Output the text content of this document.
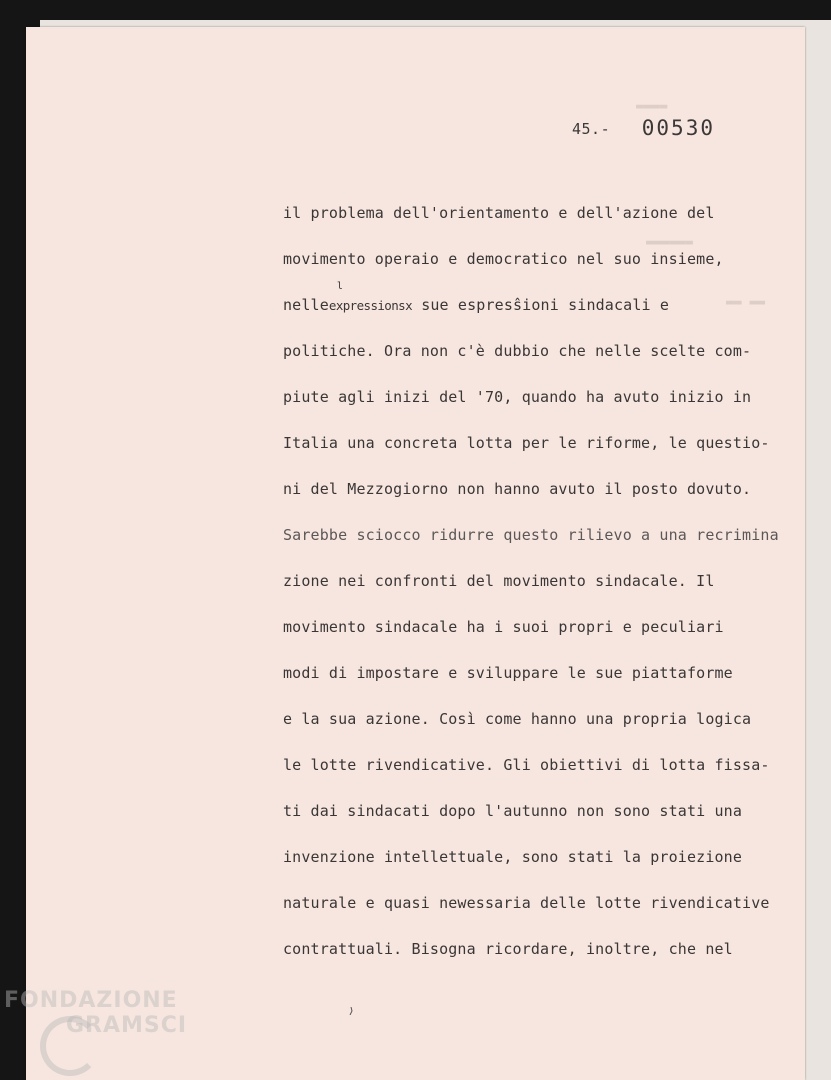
▬▬▬▬
▬▬▬▬▬▬
▬▬ ▬▬
45.- 00530
il problema dell'orientamento e dell'azione del
movimento operaio e democratico nel suo insieme,
nelleexpressionsx
l
sue espresŝioni sindacali e
politiche. Ora non c'è dubbio che nelle scelte com-
piute agli inizi del '70, quando ha avuto inizio in
Italia una concreta lotta per le riforme, le questio-
ni del Mezzogiorno non hanno avuto il posto dovuto.
Sarebbe sciocco ridurre questo rilievo a una recrimina
zione nei confronti del movimento sindacale. Il
movimento sindacale ha i suoi propri e peculiari
modi di impostare e sviluppare le sue piattaforme
e la sua azione. Così come hanno una propria logica
le lotte rivendicative. Gli obiettivi di lotta fissa-
ti dai sindacati dopo l'autunno non sono stati una
invenzione intellettuale, sono stati la proiezione
naturale e quasi newessaria delle lotte rivendicative
contrattuali. Bisogna ricordare, inoltre, che nel
FONDAZIONE
GRAMSCI
